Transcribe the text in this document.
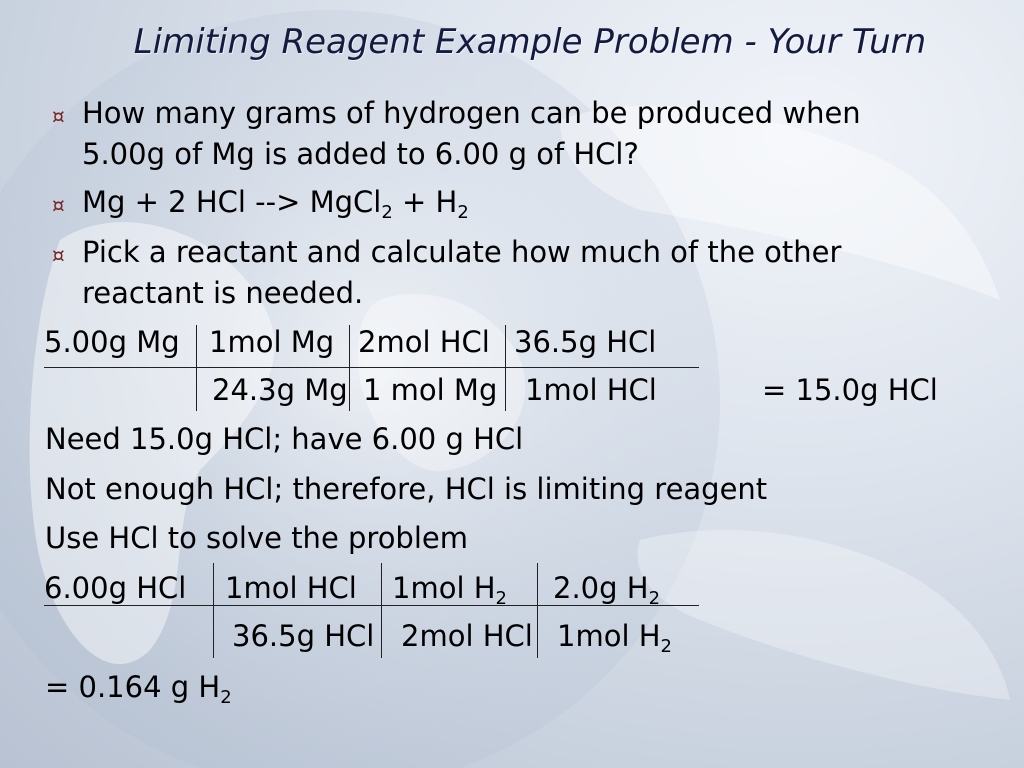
Limiting Reagent Example Problem - Your Turn
¤ How many grams of hydrogen can be produced when
5.00g of Mg is added to 6.00 g of HCl?
¤ Mg + 2 HCl --> MgCl$_2$ + $H_2$
¤ Pick a reactant and calculate how much of the other
reactant is needed.
5.00g Mg 1mol Mg 2mol HCl 36.5g HCl
24.3g Mg 1 mol Mg 1mol HCl	= 15.0g HCl
Need 15.0g HCl; have 6.00 g HCl
Not enough HCl; therefore, HCl is limiting reagent
Use HCl to solve the problem
6.00g HCl 1mol HCl 1mol $H_2$ 2.0g $H_2$
36.5g HCl 2mol HCl 1mol $H_2$
= 0.164 g $H_2$
